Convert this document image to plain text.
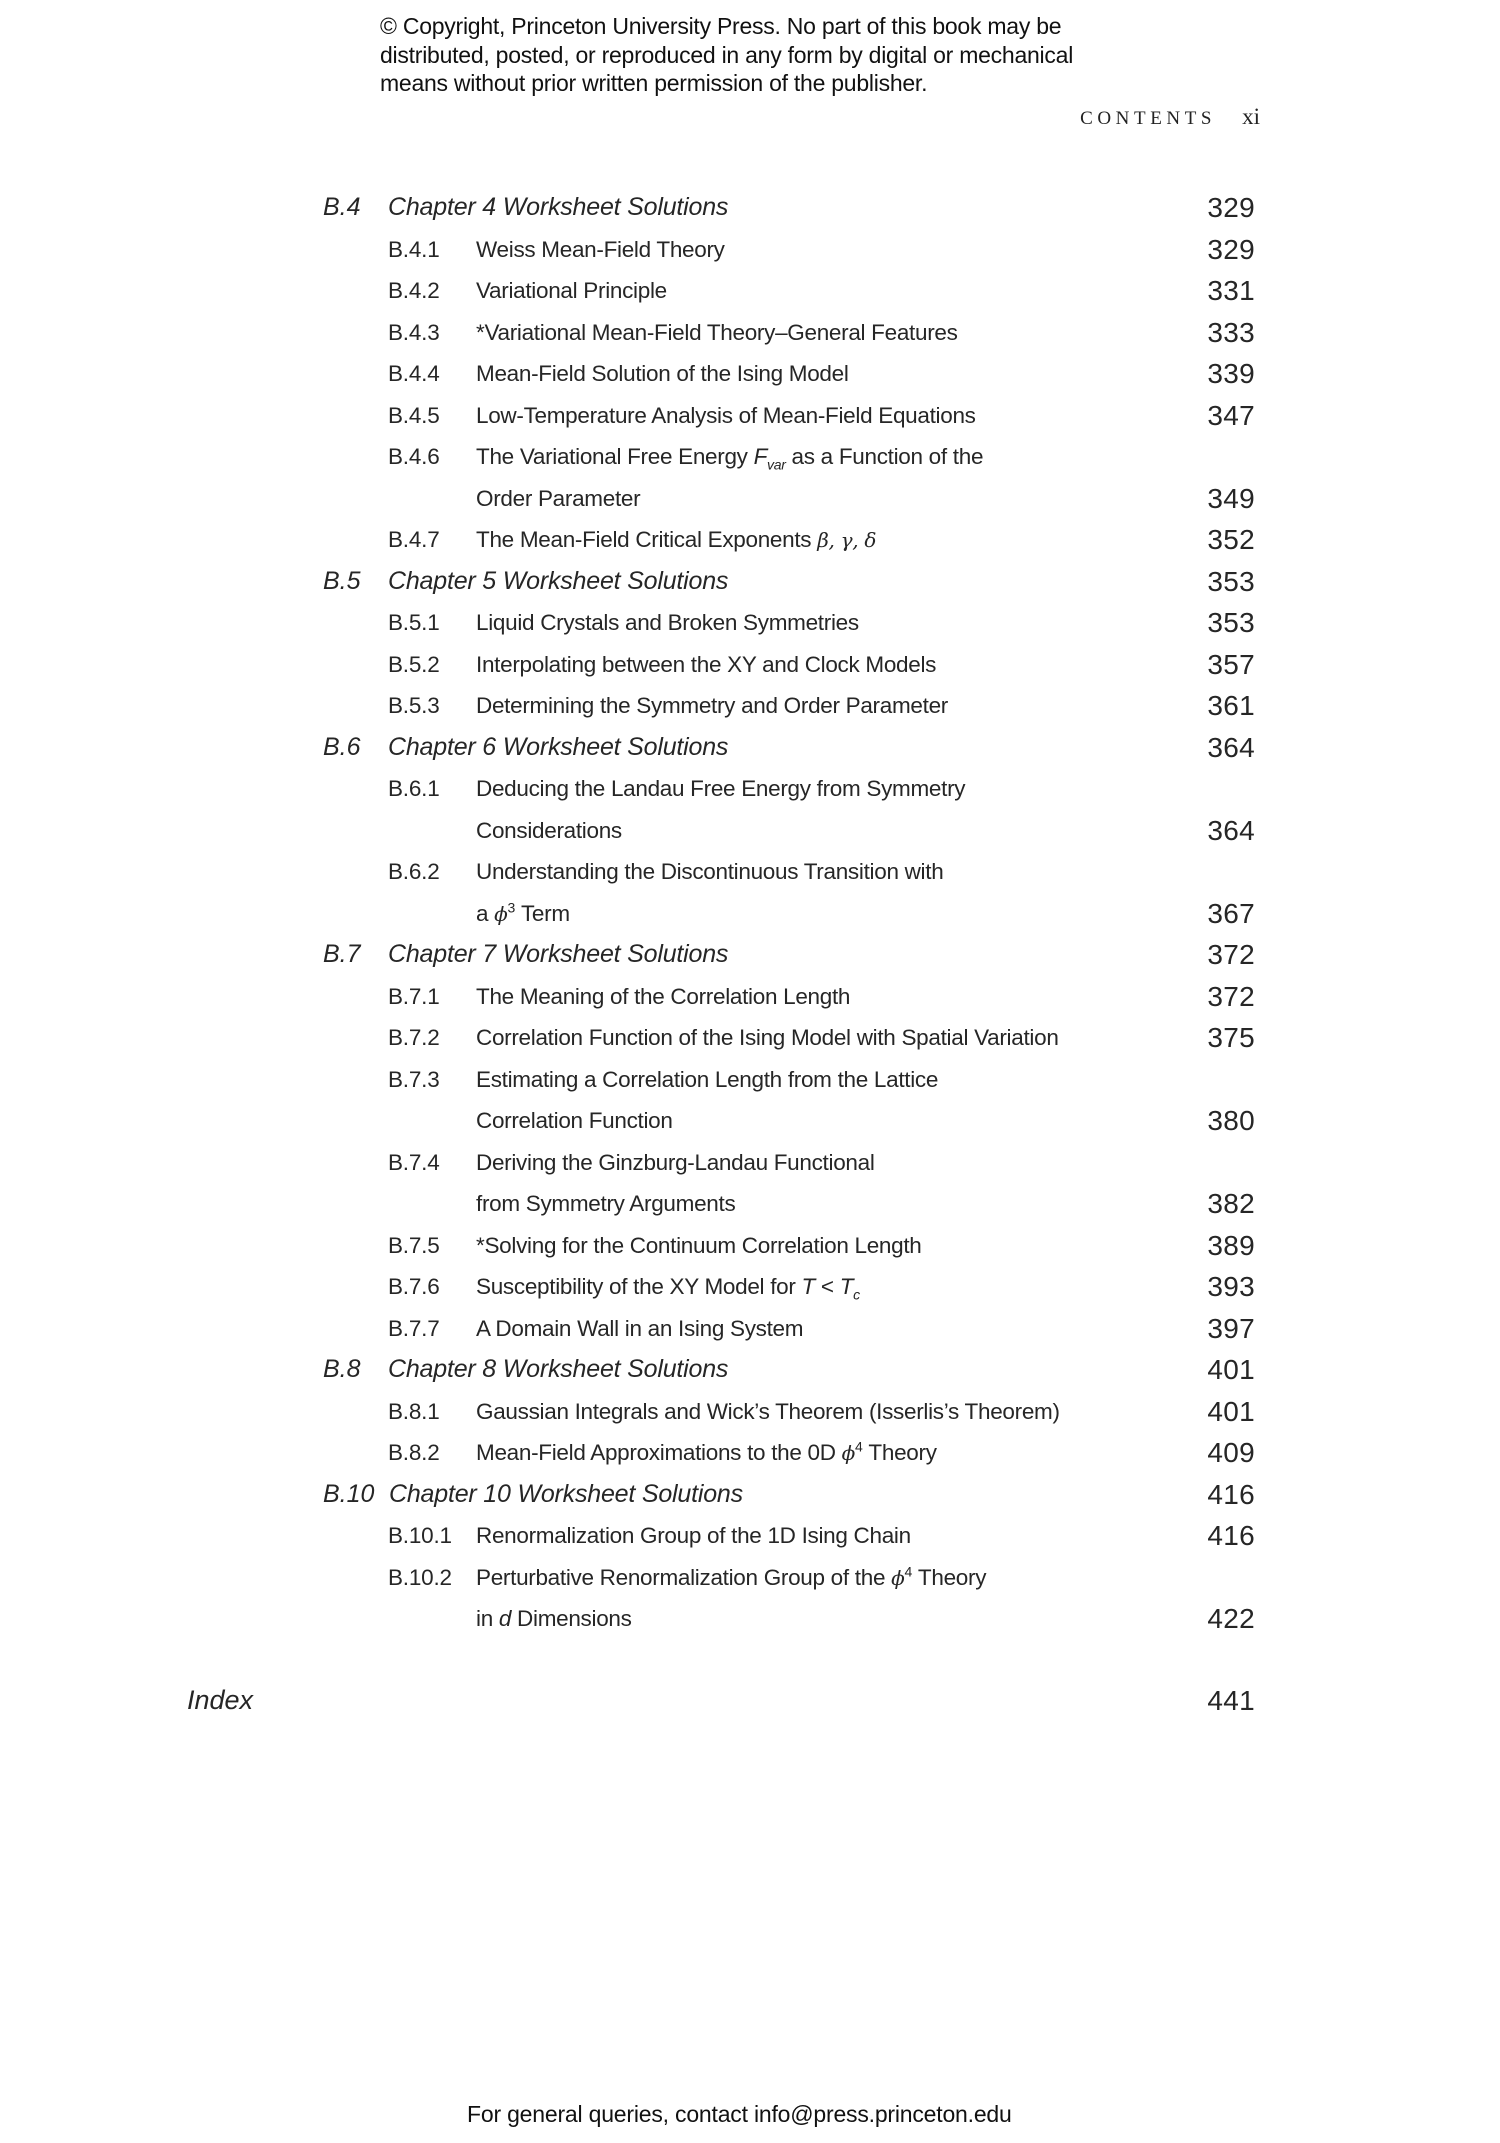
© Copyright, Princeton University Press. No part of this book may be
distributed, posted, or reproduced in any form by digital or mechanical
means without prior written permission of the publisher.
CONTENTS xi
B.4 Chapter 4 Worksheet Solutions	329
B.4.1 Weiss Mean-Field Theory	329
B.4.2 Variational Principle	331
B.4.3 *Variational Mean-Field Theory–General Features	333
B.4.4 Mean-Field Solution of the Ising Model	339
B.4.5 Low-Temperature Analysis of Mean-Field Equations	347
B.4.6 The Variational Free Energy $F_{var}$ as a Function of the
Order Parameter	349
B.4.7 The Mean-Field Critical Exponents β, γ, δ	352
B.5 Chapter 5 Worksheet Solutions	353
B.5.1 Liquid Crystals and Broken Symmetries	353
B.5.2 Interpolating between the XY and Clock Models	357
B.5.3 Determining the Symmetry and Order Parameter	361
B.6 Chapter 6 Worksheet Solutions	364
B.6.1 Deducing the Landau Free Energy from Symmetry
Considerations	364
B.6.2 Understanding the Discontinuous Transition with
a $\phi^3$ Term	367
B.7 Chapter 7 Worksheet Solutions	372
B.7.1 The Meaning of the Correlation Length	372
B.7.2 Correlation Function of the Ising Model with Spatial Variation	375
B.7.3 Estimating a Correlation Length from the Lattice
Correlation Function	380
B.7.4 Deriving the Ginzburg-Landau Functional
from Symmetry Arguments	382
B.7.5 *Solving for the Continuum Correlation Length	389
B.7.6 Susceptibility of the XY Model for $T < T_c$	393
B.7.7 A Domain Wall in an Ising System	397
B.8 Chapter 8 Worksheet Solutions	401
B.8.1 Gaussian Integrals and Wick’s Theorem (Isserlis’s Theorem)	401
B.8.2 Mean-Field Approximations to the 0D $\phi^4$ Theory	409
B.10 Chapter 10 Worksheet Solutions	416
B.10.1 Renormalization Group of the 1D Ising Chain	416
B.10.2 Perturbative Renormalization Group of the $\phi^4$ Theory
in d Dimensions	422
Index	441
For general queries, contact info@press.princeton.edu
